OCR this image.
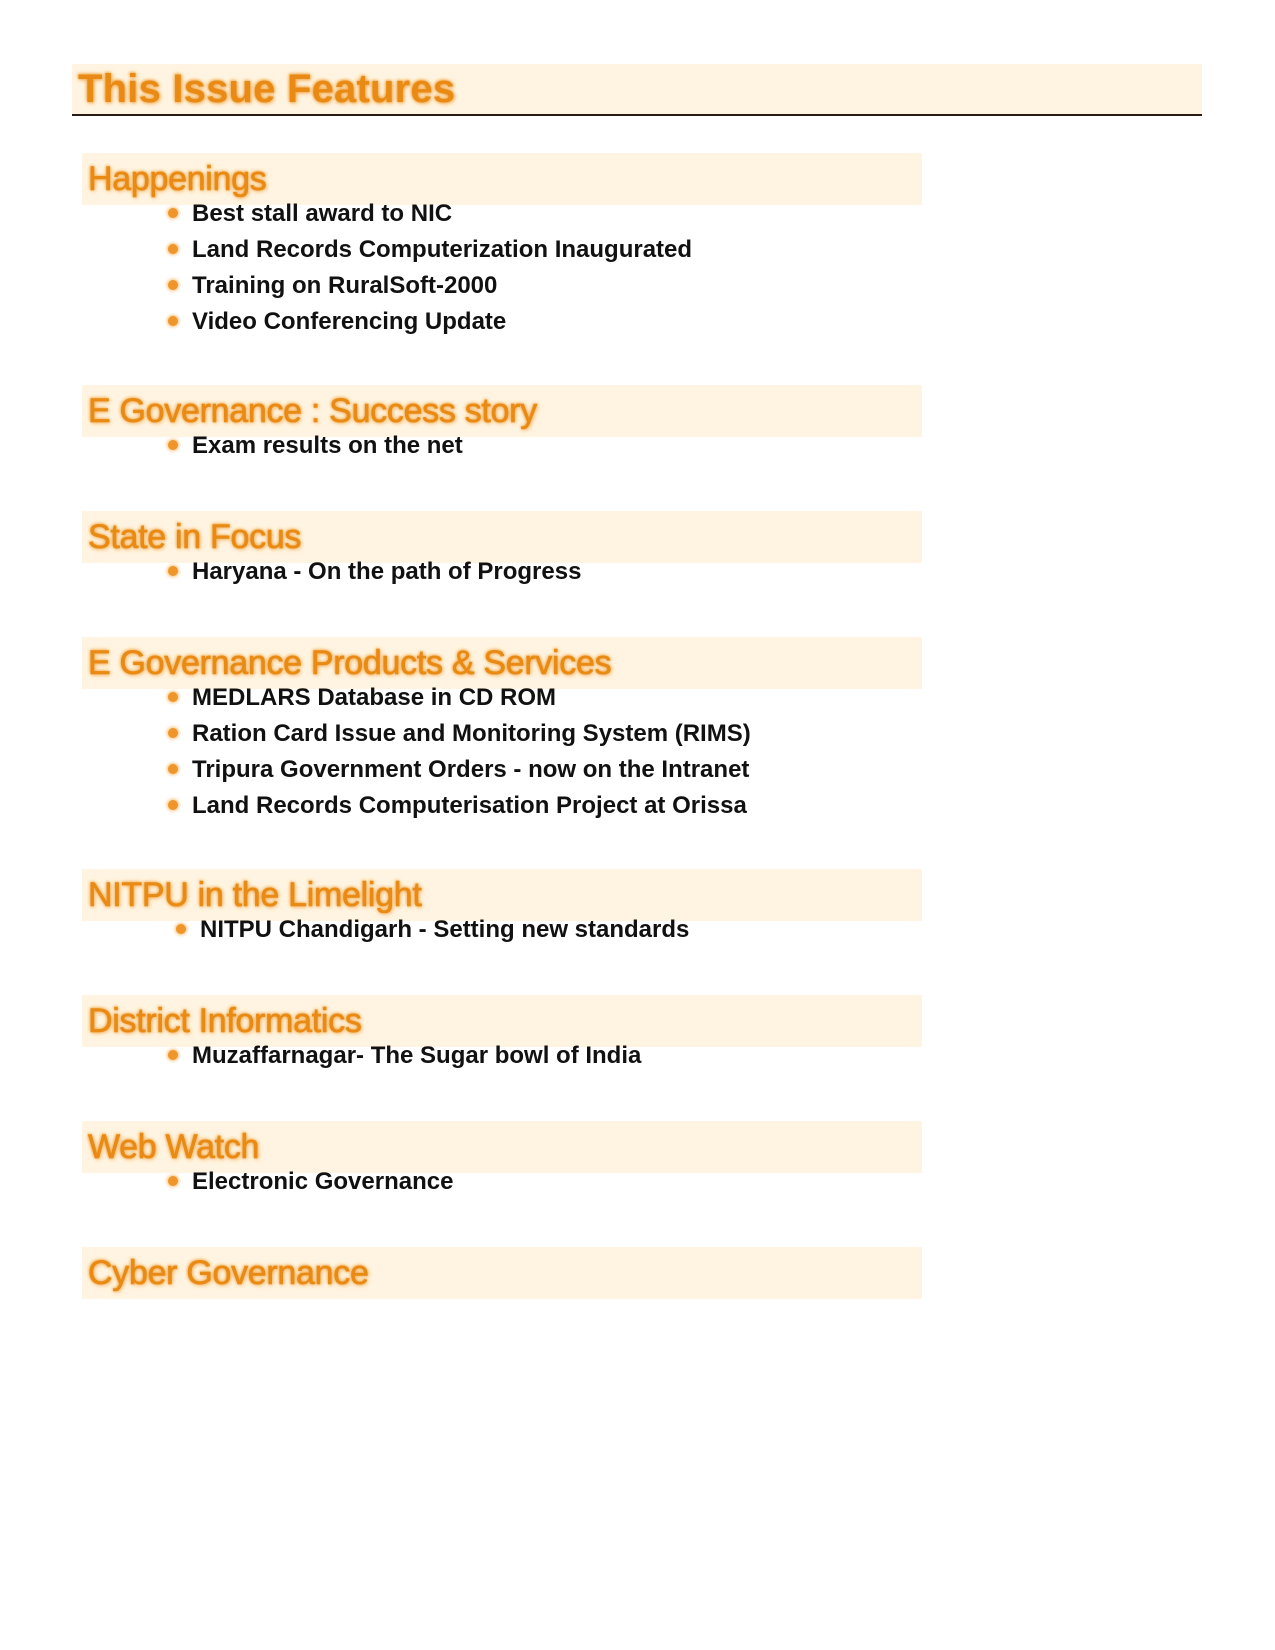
This Issue Features
Happenings
Best stall award to NIC
Land Records Computerization Inaugurated
Training on RuralSoft-2000
Video Conferencing Update
E Governance : Success story
Exam results on the net
State in Focus
Haryana - On the path of Progress
E Governance Products & Services
MEDLARS Database in CD ROM
Ration Card Issue and Monitoring System (RIMS)
Tripura Government Orders - now on the Intranet
Land Records Computerisation Project at Orissa
NITPU in the Limelight
NITPU Chandigarh - Setting new standards
District Informatics
Muzaffarnagar- The Sugar bowl of India
Web Watch
Electronic Governance
Cyber Governance
